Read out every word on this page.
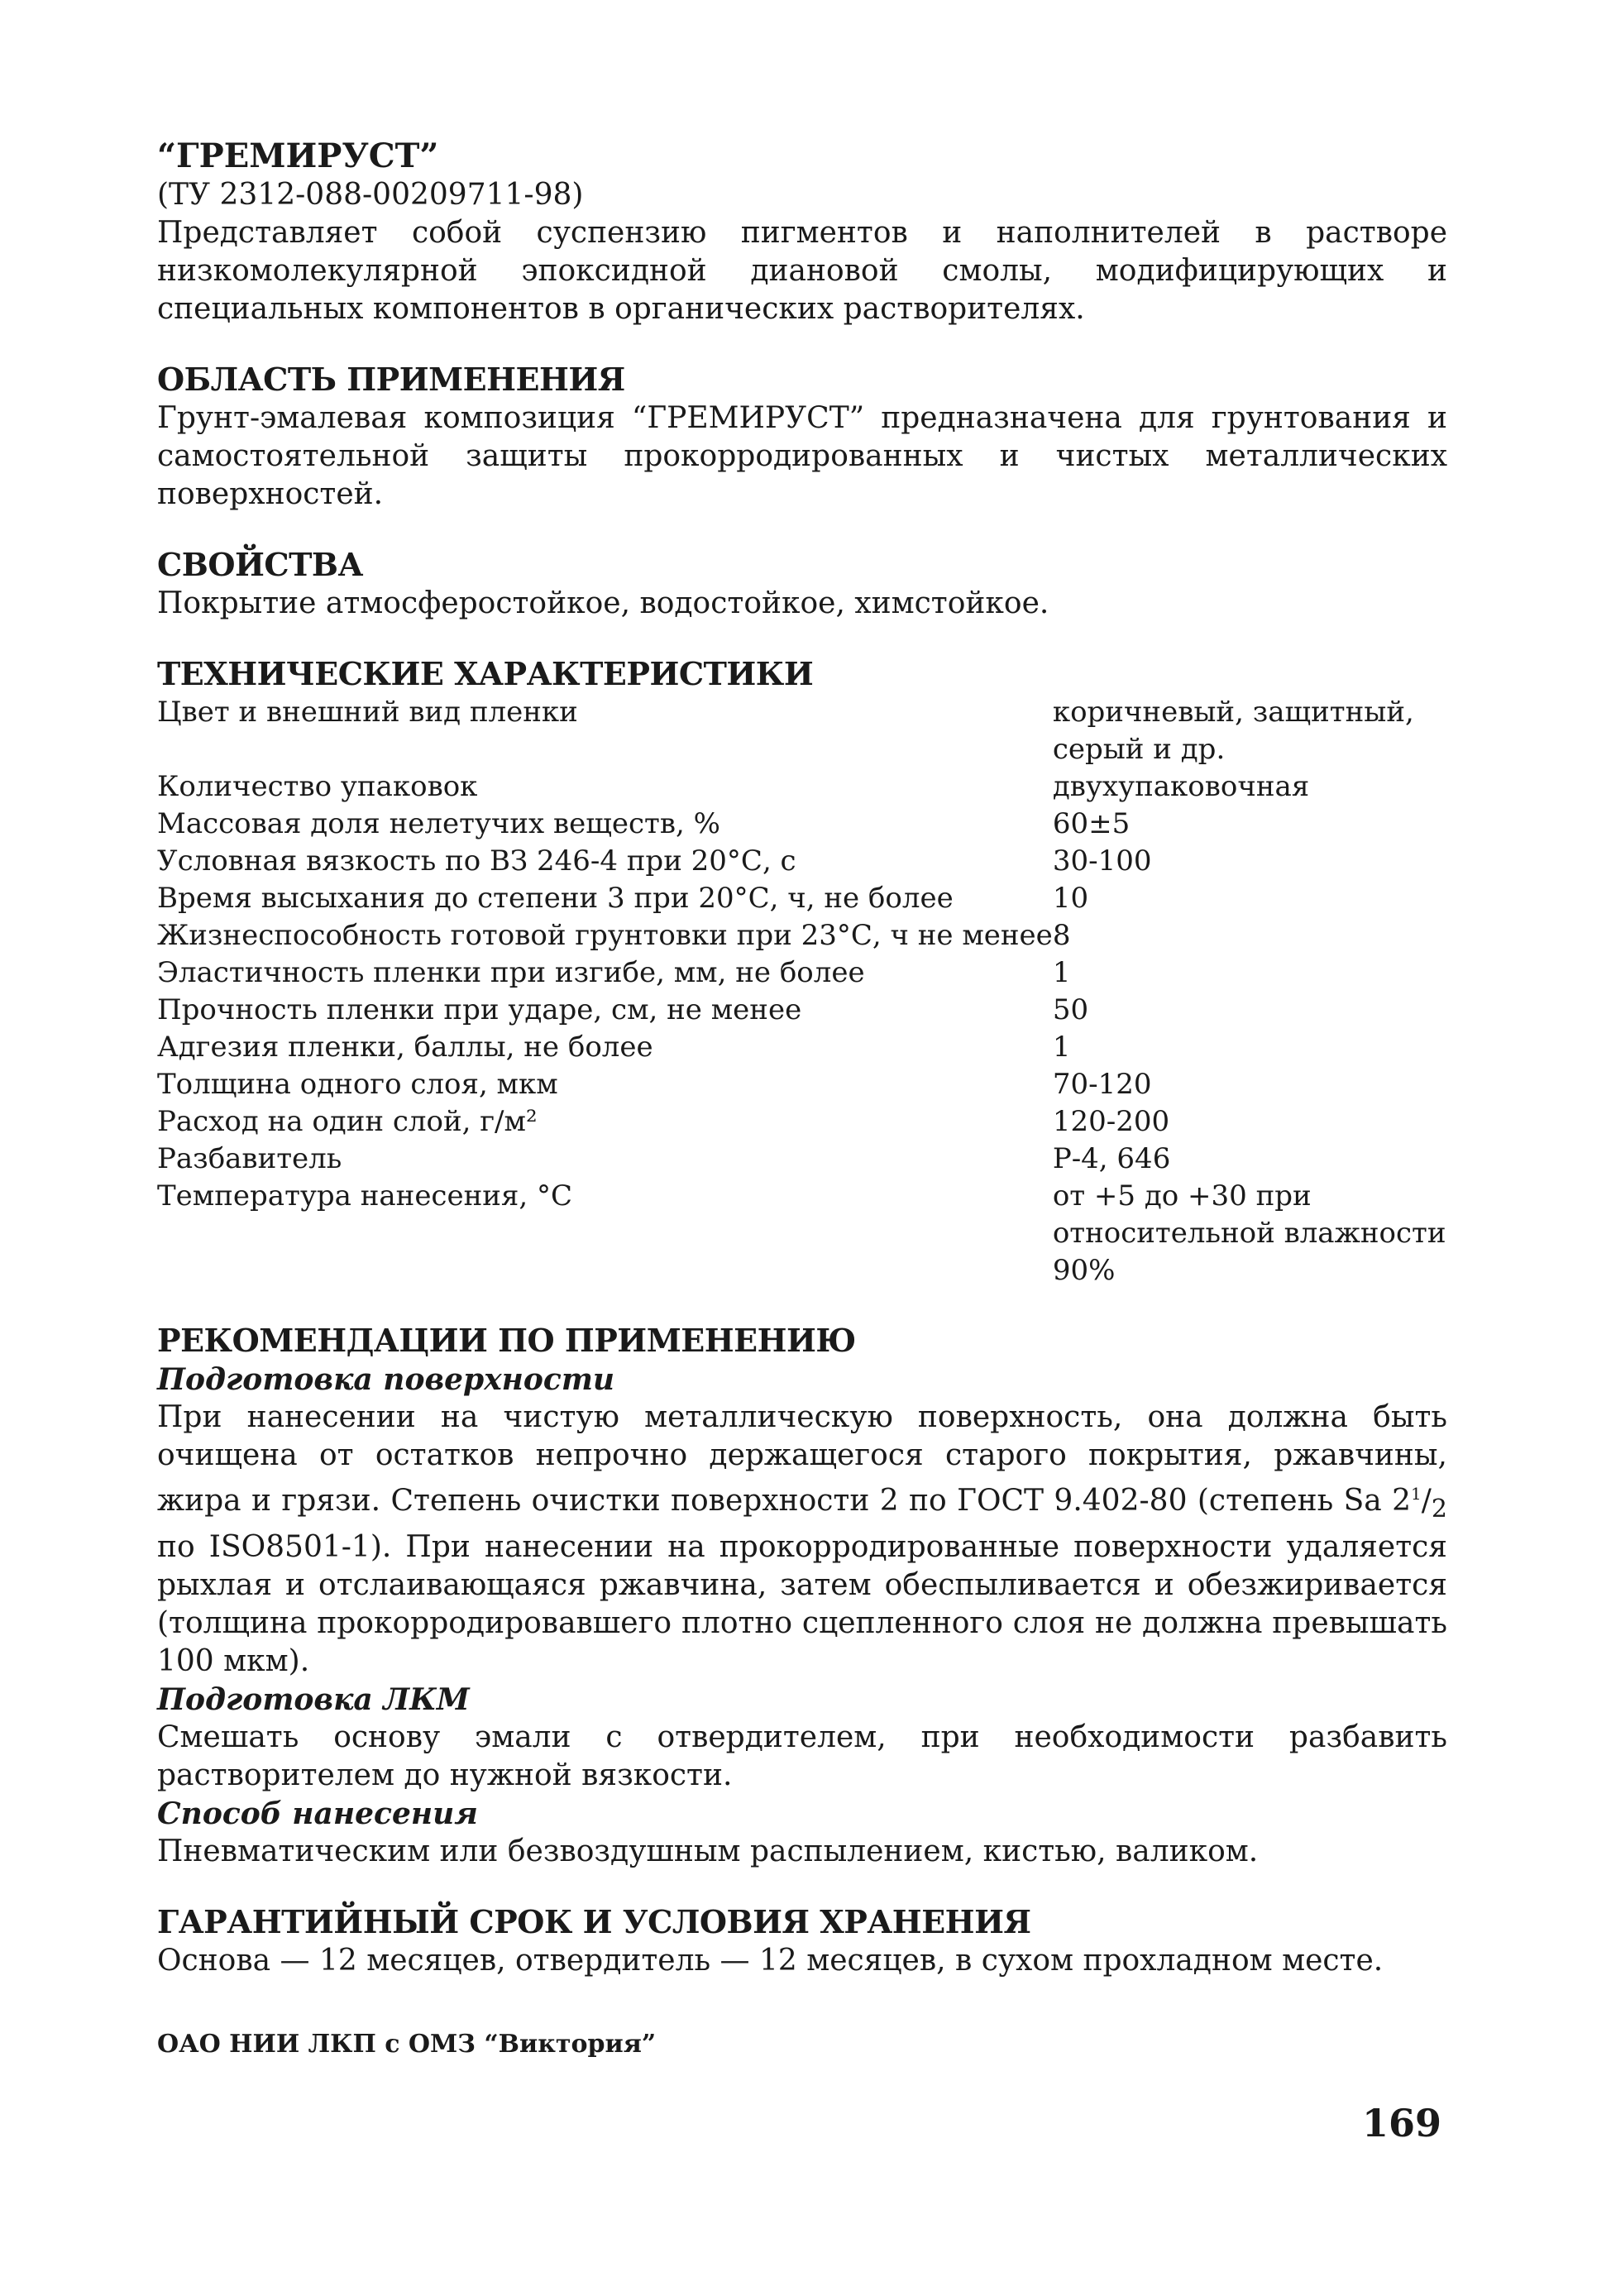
“ГРЕМИРУСТ”

(ТУ 2312-088-00209711-98)

Представляет собой суспензию пигментов и наполнителей в растворе низкомолекулярной эпоксидной диановой смолы, модифицирующих и специальных компонентов в органических растворителях.

ОБЛАСТЬ ПРИМЕНЕНИЯ

Грунт-эмалевая композиция “ГРЕМИРУСТ” предназначена для грунтования и самостоятельной защиты прокорродированных и чистых металлических поверхностей.

СВОЙСТВА

Покрытие атмосферостойкое, водостойкое, химстойкое.

ТЕХНИЧЕСКИЕ ХАРАКТЕРИСТИКИ

Цвет и внешний вид пленки	коричневый, защитный, серый и др.
Количество упаковок	двухупаковочная
Массовая доля нелетучих веществ, %	60±5
Условная вязкость по ВЗ 246-4 при 20°С, с	30-100
Время высыхания до степени 3 при 20°С, ч, не более	10
Жизнеспособность готовой грунтовки при 23°С, ч не менее	8
Эластичность пленки при изгибе, мм, не более	1
Прочность пленки при ударе, см, не менее	50
Адгезия пленки, баллы, не более	1
Толщина одного слоя, мкм	70-120
Расход на один слой, г/м²	120-200
Разбавитель	Р-4, 646
Температура нанесения, °С	от +5 до +30 при относительной влажности 90%

РЕКОМЕНДАЦИИ ПО ПРИМЕНЕНИЮ

Подготовка поверхности

При нанесении на чистую металлическую поверхность, она должна быть очищена от остатков непрочно держащегося старого покрытия, ржавчины, жира и грязи. Степень очистки поверхности 2 по ГОСТ 9.402-80 (степень Sa $2^1/_2$ по ISO8501-1). При нанесении на прокорродированные поверхности удаляется рыхлая и отслаивающаяся ржавчина, затем обеспыливается и обезжиривается (толщина прокорродировавшего плотно сцепленного слоя не должна превышать 100 мкм).

Подготовка ЛКМ

Смешать основу эмали с отвердителем, при необходимости разбавить растворителем до нужной вязкости.

Способ нанесения

Пневматическим или безвоздушным распылением, кистью, валиком.

ГАРАНТИЙНЫЙ СРОК И УСЛОВИЯ ХРАНЕНИЯ

Основа — 12 месяцев, отвердитель — 12 месяцев, в сухом прохладном месте.

ОАО НИИ ЛКП с ОМЗ “Виктория”
169
